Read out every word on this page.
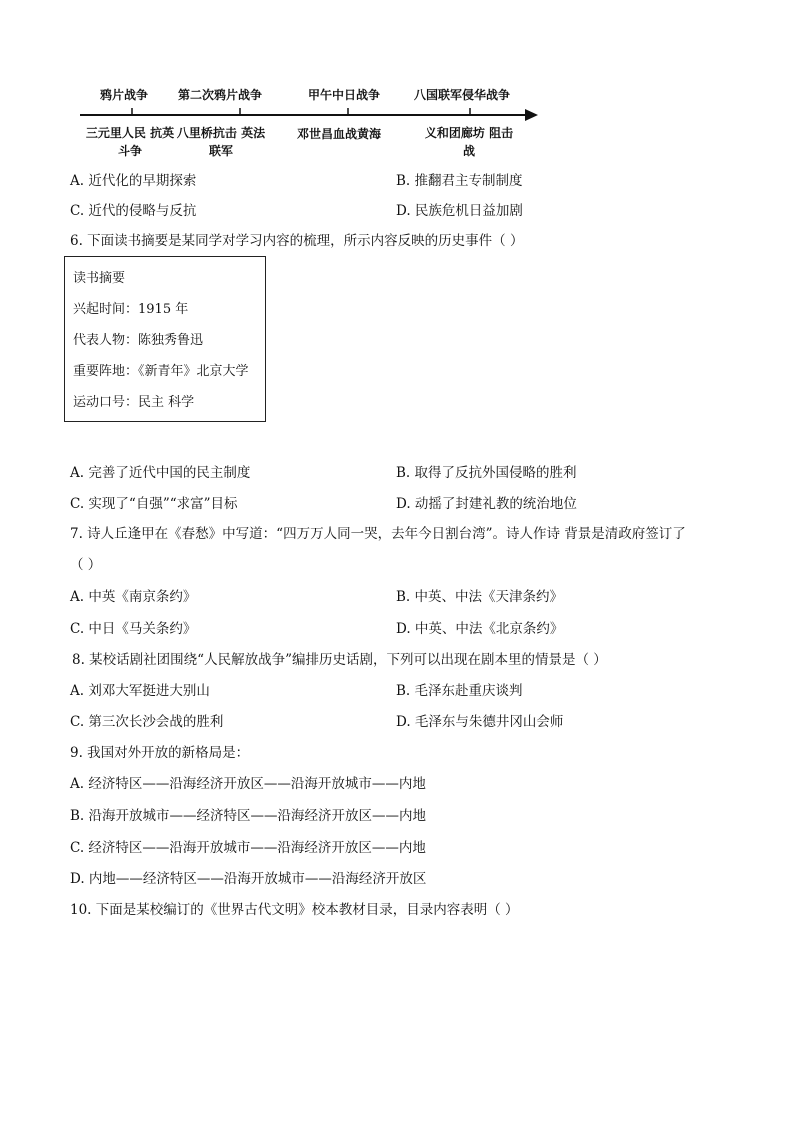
鸦片战争 第二次鸦片战争	甲午中日战争	八国联军侵华战争
三元里人民 抗英斗争
八里桥抗击 英法联军
邓世昌血战黄海	义和团廊坊 阻击战
A. 近代化的早期探索	B. 推翻君主专制制度
C. 近代的侵略与反抗	D. 民族危机日益加剧
6. 下面读书摘要是某同学对学习内容的梳理，所示内容反映的历史事件（ ）
读书摘要
兴起时间：1915 年
代表人物：陈独秀鲁迅
重要阵地：《新青年》北京大学
运动口号：民主 科学
A. 完善了近代中国的民主制度	B. 取得了反抗外国侵略的胜利
C. 实现了“自强”“求富”目标	D. 动摇了封建礼教的统治地位
7. 诗人丘逢甲在《春愁》中写道：“四万万人同一哭，去年今日割台湾”。诗人作诗 背景是清政府签订了
（ ）
A. 中英《南京条约》	B. 中英、中法《天津条约》
C. 中日《马关条约》	D. 中英、中法《北京条约》
8. 某校话剧社团围绕“人民解放战争”编排历史话剧，下列可以出现在剧本里的情景是（ ）
A. 刘邓大军挺进大别山	B. 毛泽东赴重庆谈判
C. 第三次长沙会战的胜利	D. 毛泽东与朱德井冈山会师
9. 我国对外开放的新格局是：
A. 经济特区——沿海经济开放区——沿海开放城市——内地
B. 沿海开放城市——经济特区——沿海经济开放区——内地
C. 经济特区——沿海开放城市——沿海经济开放区——内地
D. 内地——经济特区——沿海开放城市——沿海经济开放区
10. 下面是某校编订的《世界古代文明》校本教材目录，目录内容表明（ ）
